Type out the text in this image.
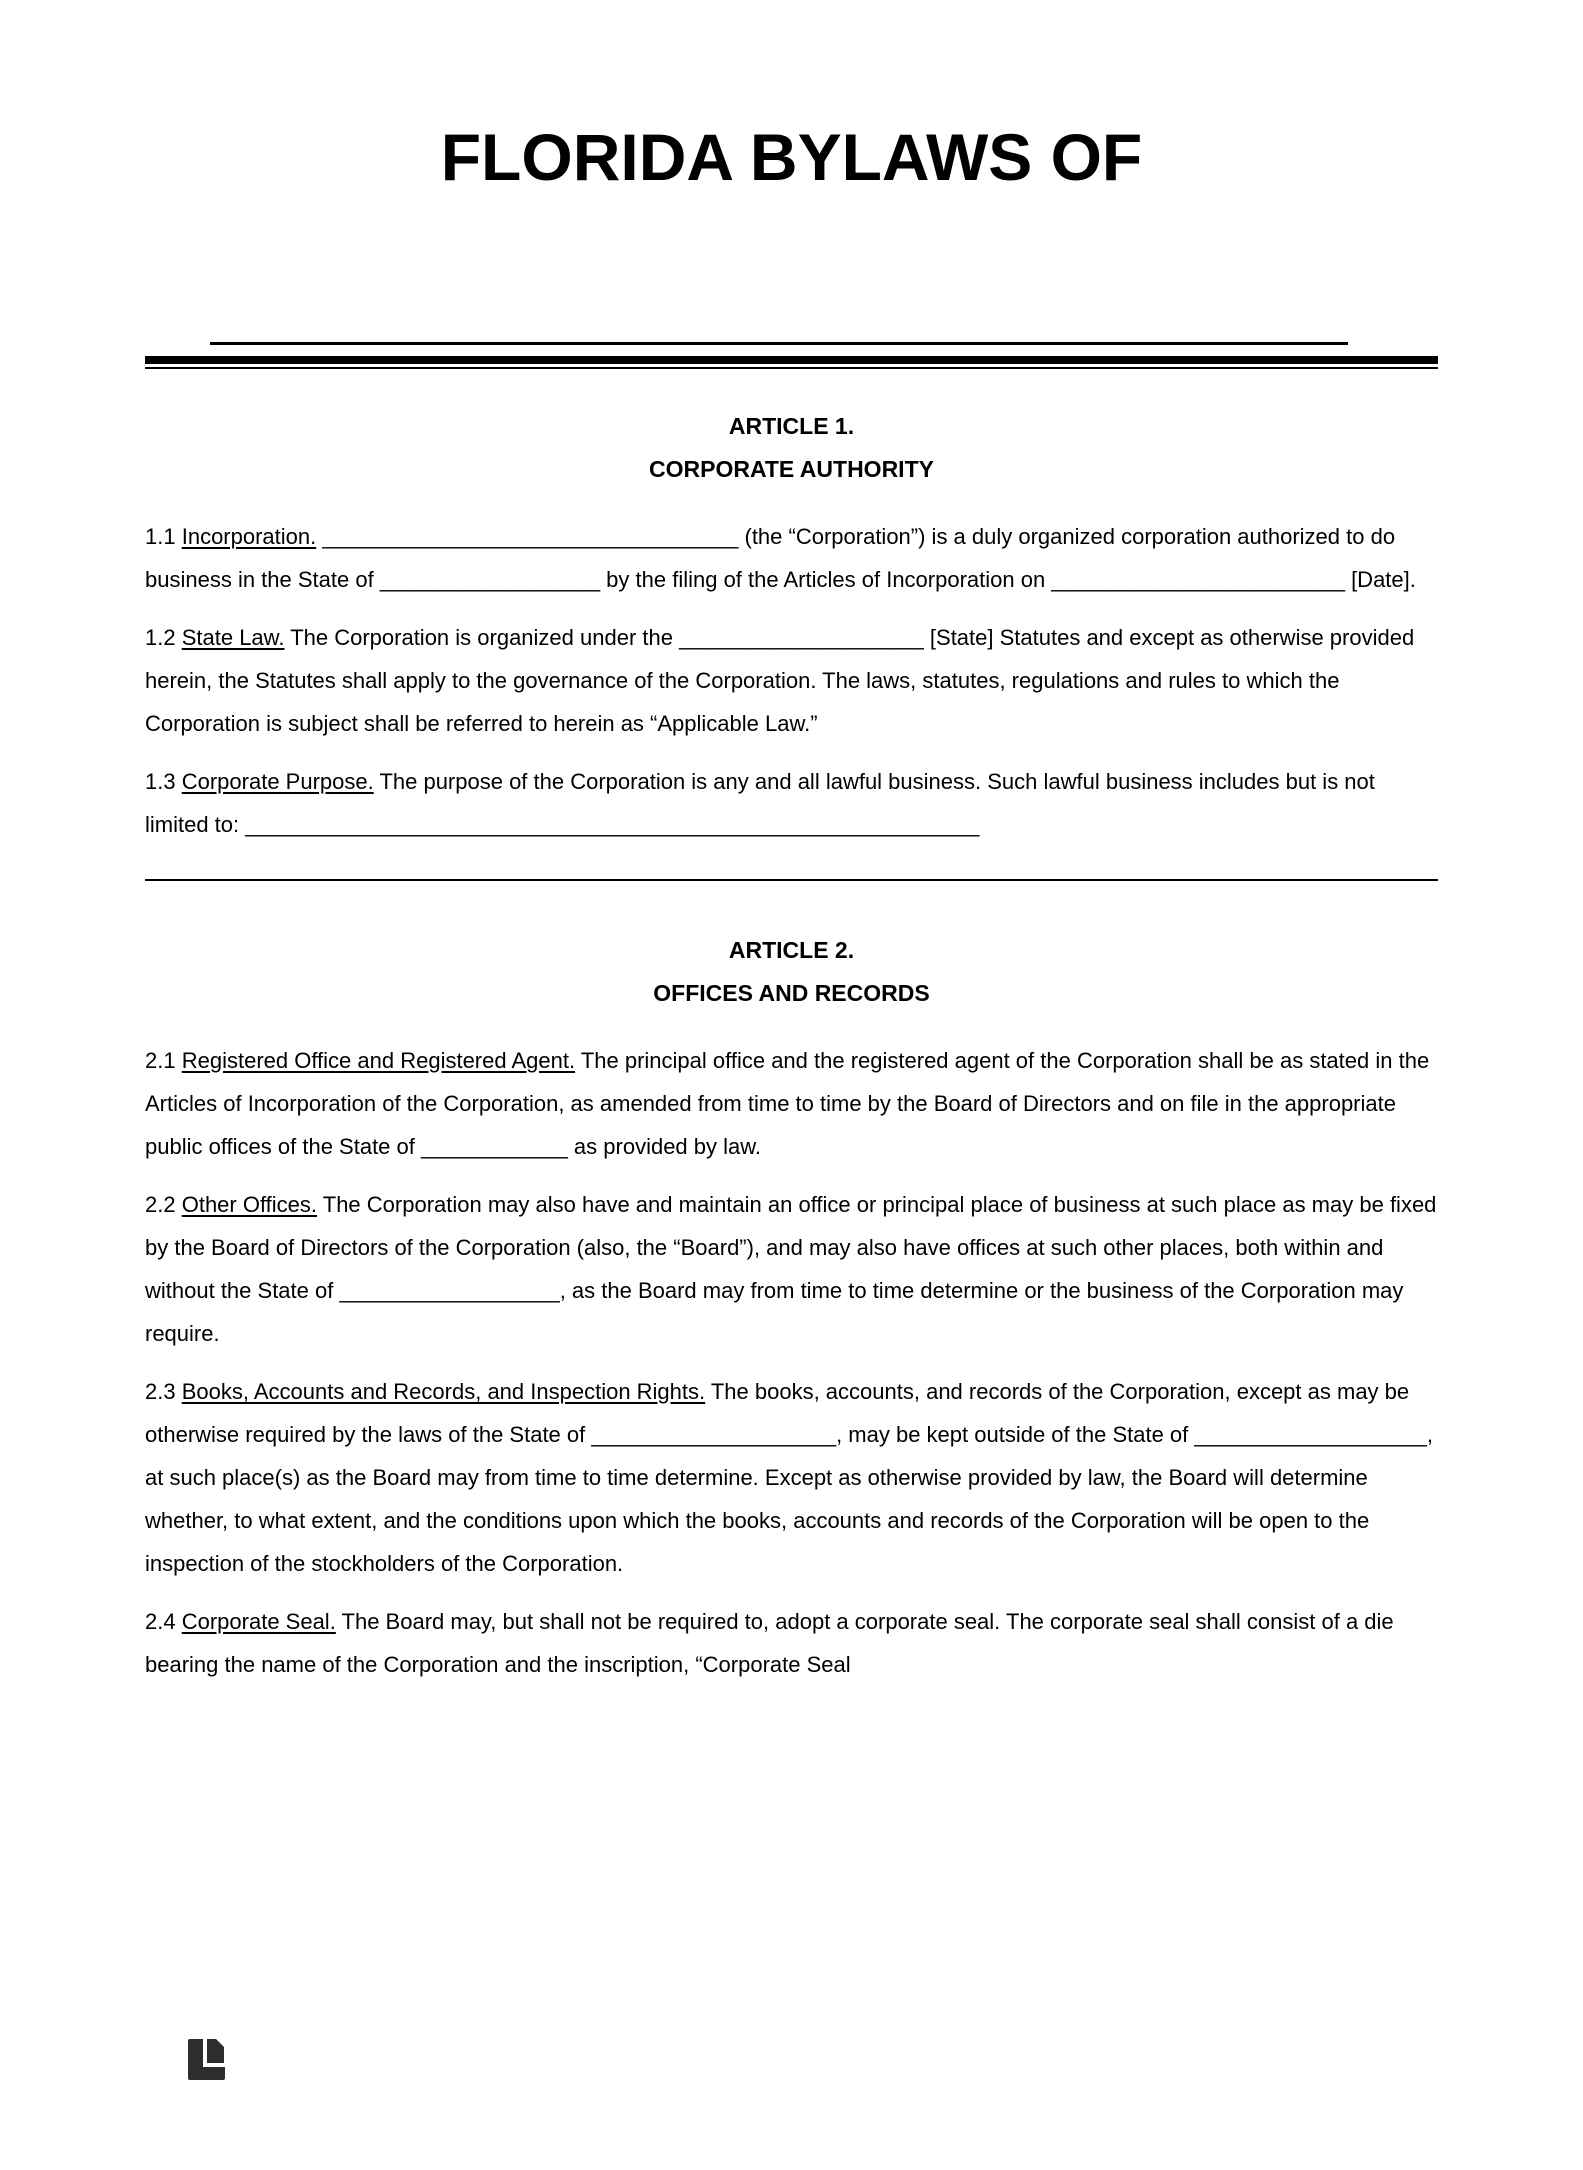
FLORIDA BYLAWS OF
ARTICLE 1.
CORPORATE AUTHORITY
1.1 Incorporation. __________________________________ (the “Corporation”) is a duly organized corporation authorized to do business in the State of __________________ by the filing of the Articles of Incorporation on ________________________ [Date].
1.2 State Law. The Corporation is organized under the ____________________ [State] Statutes and except as otherwise provided herein, the Statutes shall apply to the governance of the Corporation. The laws, statutes, regulations and rules to which the Corporation is subject shall be referred to herein as “Applicable Law.”
1.3 Corporate Purpose. The purpose of the Corporation is any and all lawful business. Such lawful business includes but is not limited to: ____________________________________________________________
ARTICLE 2.
OFFICES AND RECORDS
2.1 Registered Office and Registered Agent. The principal office and the registered agent of the Corporation shall be as stated in the Articles of Incorporation of the Corporation, as amended from time to time by the Board of Directors and on file in the appropriate public offices of the State of ____________ as provided by law.
2.2 Other Offices. The Corporation may also have and maintain an office or principal place of business at such place as may be fixed by the Board of Directors of the Corporation (also, the “Board”), and may also have offices at such other places, both within and without the State of __________________, as the Board may from time to time determine or the business of the Corporation may require.
2.3 Books, Accounts and Records, and Inspection Rights. The books, accounts, and records of the Corporation, except as may be otherwise required by the laws of the State of ____________________, may be kept outside of the State of ___________________, at such place(s) as the Board may from time to time determine. Except as otherwise provided by law, the Board will determine whether, to what extent, and the conditions upon which the books, accounts and records of the Corporation will be open to the inspection of the stockholders of the Corporation.
2.4 Corporate Seal. The Board may, but shall not be required to, adopt a corporate seal. The corporate seal shall consist of a die bearing the name of the Corporation and the inscription, “Corporate Seal
